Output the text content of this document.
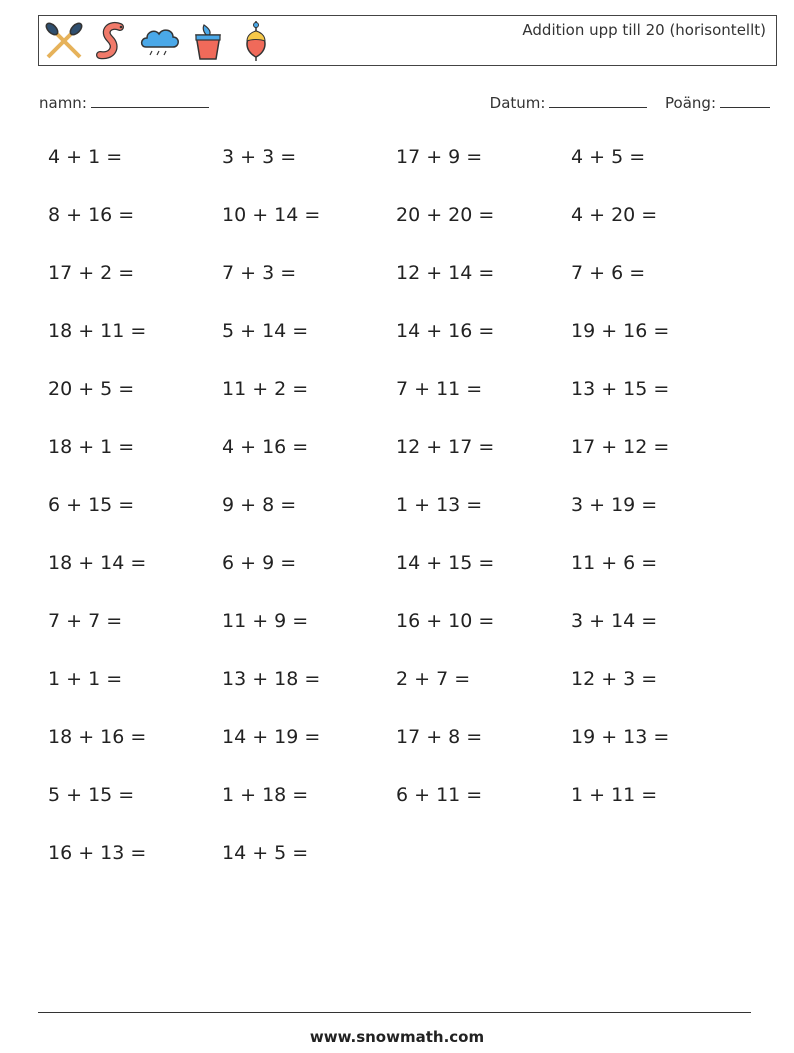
Addition upp till 20 (horisontellt)
namn:	Datum:	Poäng:
4 + 1 =	3 + 3 =	17 + 9 =	4 + 5 =
8 + 16 =	10 + 14 =	20 + 20 =	4 + 20 =
17 + 2 =	7 + 3 =	12 + 14 =	7 + 6 =
18 + 11 =	5 + 14 =	14 + 16 =	19 + 16 =
20 + 5 =	11 + 2 =	7 + 11 =	13 + 15 =
18 + 1 =	4 + 16 =	12 + 17 =	17 + 12 =
6 + 15 =	9 + 8 =	1 + 13 =	3 + 19 =
18 + 14 =	6 + 9 =	14 + 15 =	11 + 6 =
7 + 7 =	11 + 9 =	16 + 10 =	3 + 14 =
1 + 1 =	13 + 18 =	2 + 7 =	12 + 3 =
18 + 16 =	14 + 19 =	17 + 8 =	19 + 13 =
5 + 15 =	1 + 18 =	6 + 11 =	1 + 11 =
16 + 13 =	14 + 5 =
www.snowmath.com
